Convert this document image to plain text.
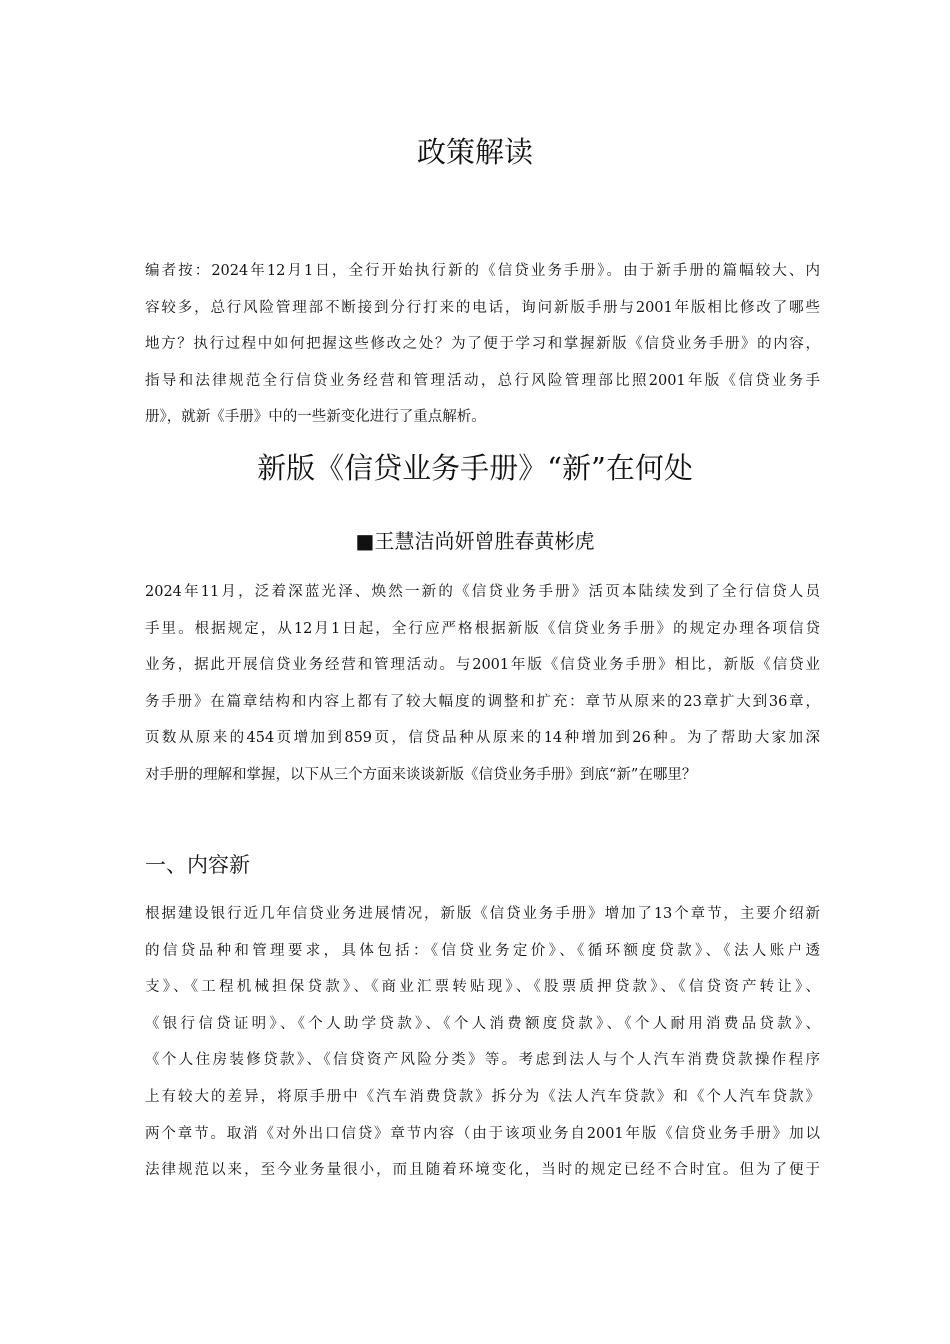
政策解读
编者按：2024年12月1日，全行开始执行新的《信贷业务手册》。由于新手册的篇幅较大、内
容较多，总行风险管理部不断接到分行打来的电话，询问新版手册与2001年版相比修改了哪些
地方？执行过程中如何把握这些修改之处？为了便于学习和掌握新版《信贷业务手册》的内容，
指导和法律规范全行信贷业务经营和管理活动，总行风险管理部比照2001年版《信贷业务手
册》，就新《手册》中的一些新变化进行了重点解析。
新版《信贷业务手册》“新”在何处
■王慧洁尚妍曾胜春黄彬虎
2024年11月，泛着深蓝光泽、焕然一新的《信贷业务手册》活页本陆续发到了全行信贷人员
手里。根据规定，从12月1日起，全行应严格根据新版《信贷业务手册》的规定办理各项信贷
业务，据此开展信贷业务经营和管理活动。与2001年版《信贷业务手册》相比，新版《信贷业
务手册》在篇章结构和内容上都有了较大幅度的调整和扩充：章节从原来的23章扩大到36章，
页数从原来的454页增加到859页，信贷品种从原来的14种增加到26种。为了帮助大家加深
对手册的理解和掌握，以下从三个方面来谈谈新版《信贷业务手册》到底“新”在哪里？
一、内容新
根据建设银行近几年信贷业务进展情况，新版《信贷业务手册》增加了13个章节，主要介绍新
的信贷品种和管理要求，具体包括：《信贷业务定价》、《循环额度贷款》、《法人账户透
支》、《工程机械担保贷款》、《商业汇票转贴现》、《股票质押贷款》、《信贷资产转让》、
《银行信贷证明》、《个人助学贷款》、《个人消费额度贷款》、《个人耐用消费品贷款》、
《个人住房装修贷款》、《信贷资产风险分类》等。考虑到法人与个人汽车消费贷款操作程序
上有较大的差异，将原手册中《汽车消费贷款》拆分为《法人汽车贷款》和《个人汽车贷款》
两个章节。取消《对外出口信贷》章节内容（由于该项业务自2001年版《信贷业务手册》加以
法律规范以来，至今业务量很小，而且随着环境变化，当时的规定已经不合时宜。但为了便于
